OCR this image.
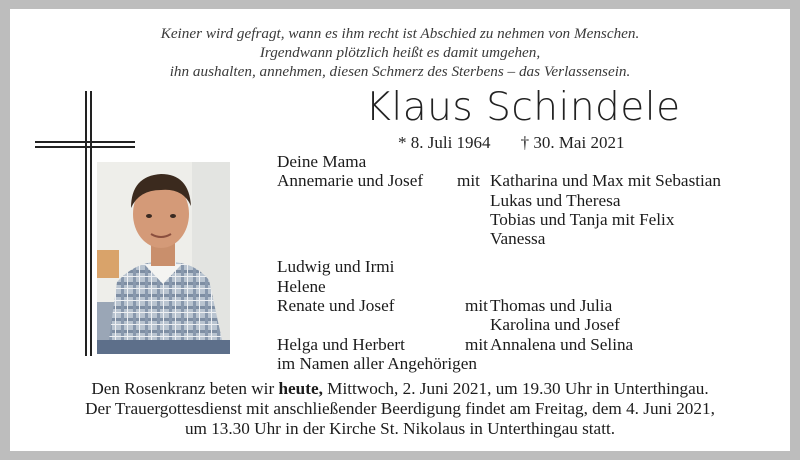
Keiner wird gefragt, wann es ihm recht ist Abschied zu nehmen von Menschen.
Irgendwann plötzlich heißt es damit umgehen,
ihn aushalten, annehmen, diesen Schmerz des Sterbens – das Verlassensein.
Klaus Schindele
* 8. Juli 1964 † 30. Mai 2021
Deine Mama
Annemarie und Josef mit Katharina und Max mit Sebastian
Lukas und Theresa
Tobias und Tanja mit Felix
Vanessa
Ludwig und Irmi
Helene
Renate und Josef	mit Thomas und Julia
Karolina und Josef
Helga und Herbert	mit Annalena und Selina
im Namen aller Angehörigen
Den Rosenkranz beten wir heute, Mittwoch, 2. Juni 2021, um 19.30 Uhr in Unterthingau.
Der Trauergottesdienst mit anschließender Beerdigung findet am Freitag, dem 4. Juni 2021,
um 13.30 Uhr in der Kirche St. Nikolaus in Unterthingau statt.
